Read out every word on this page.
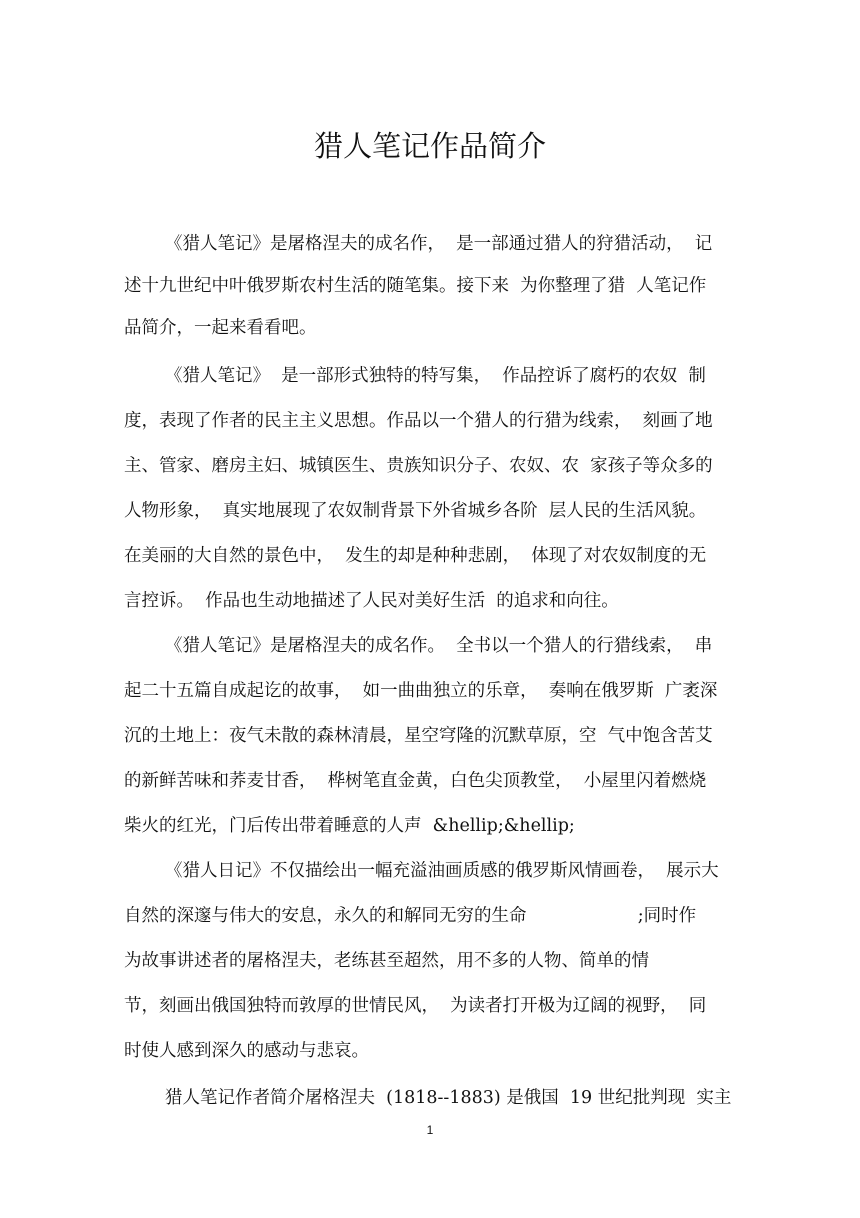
猎人笔记作品简介
《猎人笔记》是屠格涅夫的成名作，  是一部通过猎人的狩猎活动，  记
述十九世纪中叶俄罗斯农村生活的随笔集。接下来  为你整理了猎  人笔记作
品简介，一起来看看吧。
《猎人笔记》  是一部形式独特的特写集，  作品控诉了腐朽的农奴  制
度，表现了作者的民主主义思想。作品以一个猎人的行猎为线索，  刻画了地
主、管家、磨房主妇、城镇医生、贵族知识分子、农奴、农  家孩子等众多的
人物形象，  真实地展现了农奴制背景下外省城乡各阶  层人民的生活风貌。
在美丽的大自然的景色中，  发生的却是种种悲剧，  体现了对农奴制度的无
言控诉。  作品也生动地描述了人民对美好生活  的追求和向往。
《猎人笔记》是屠格涅夫的成名作。  全书以一个猎人的行猎线索，  串
起二十五篇自成起讫的故事，  如一曲曲独立的乐章，  奏响在俄罗斯  广袤深
沉的土地上：夜气未散的森林清晨，星空穹隆的沉默草原，空  气中饱含苦艾
的新鲜苦味和荞麦甘香，  桦树笔直金黄，白色尖顶教堂，  小屋里闪着燃烧
柴火的红光，门后传出带着睡意的人声  &hellip;&hellip;
《猎人日记》不仅描绘出一幅充溢油画质感的俄罗斯风情画卷，  展示大
自然的深邃与伟大的安息，永久的和解同无穷的生命                    ;同时作
为故事讲述者的屠格涅夫，老练甚至超然，用不多的人物、简单的情
节，刻画出俄国独特而敦厚的世情民风，  为读者打开极为辽阔的视野，  同
时使人感到深久的感动与悲哀。
猎人笔记作者简介屠格涅夫  (1818--1883) 是俄国  19 世纪批判现  实主
1
